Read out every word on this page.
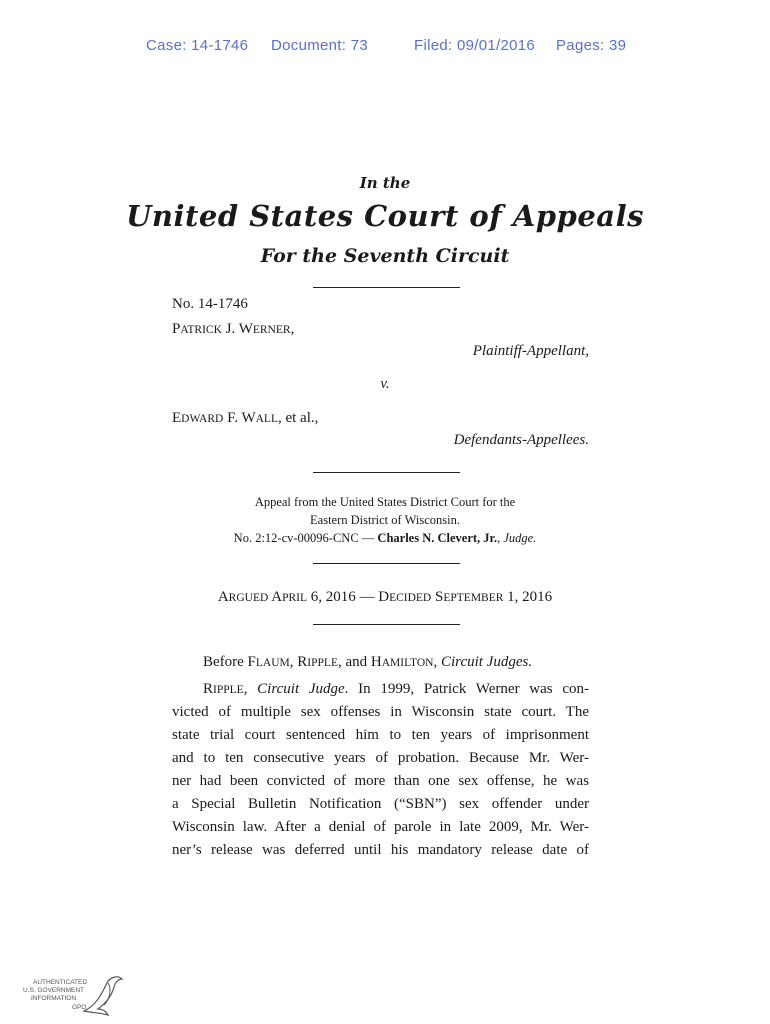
Case: 14-1746 Document: 73	Filed: 09/01/2016 Pages: 39
In the
United States Court of Appeals
For the Seventh Circuit
No. 14-1746
PATRICK J. WERNER,
Plaintiff-Appellant,
v.
EDWARD F. WALL, et al.,
Defendants-Appellees.
Appeal from the United States District Court for the
Eastern District of Wisconsin.
No. 2:12-cv-00096-CNC — Charles N. Clevert, Jr., Judge.
ARGUED APRIL 6, 2016 — DECIDED SEPTEMBER 1, 2016
Before FLAUM, RIPPLE, and HAMILTON, Circuit Judges.
RIPPLE, Circuit Judge. In 1999, Patrick Werner was con-
victed of multiple sex offenses in Wisconsin state court. The
state trial court sentenced him to ten years of imprisonment
and to ten consecutive years of probation. Because Mr. Wer-
ner had been convicted of more than one sex offense, he was
a Special Bulletin Notification (“SBN”) sex offender under
Wisconsin law. After a denial of parole in late 2009, Mr. Wer-
ner’s release was deferred until his mandatory release date of
AUTHENTICATED
U.S. GOVERNMENT
INFORMATION
GPO
